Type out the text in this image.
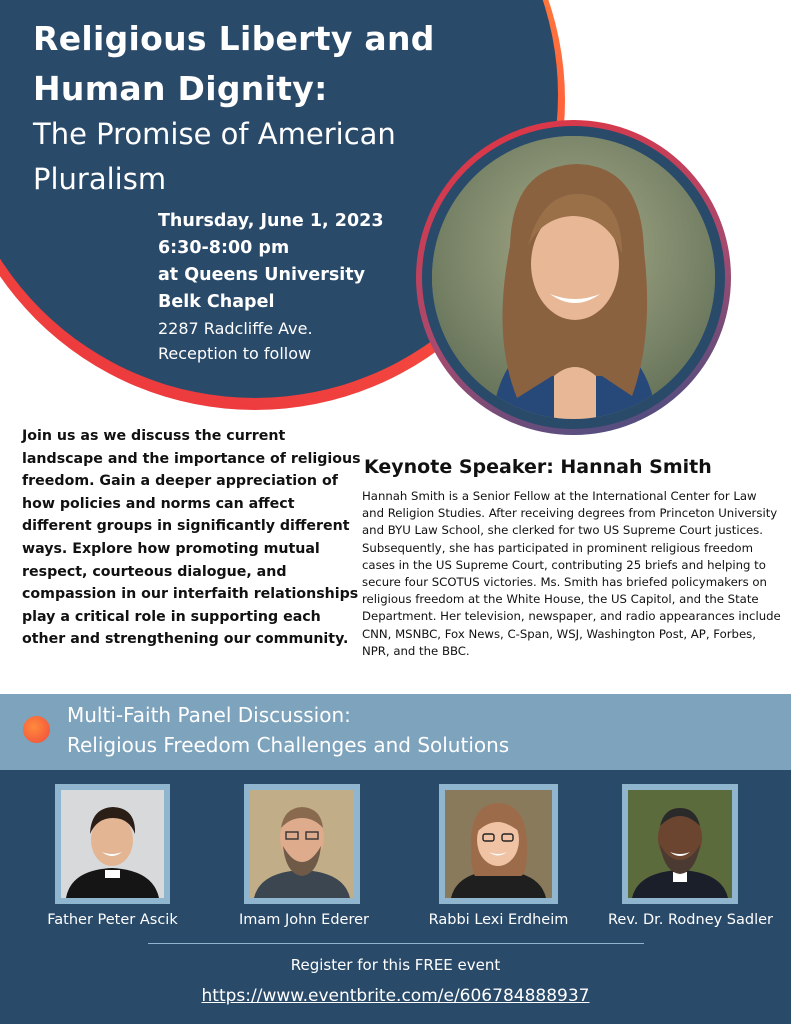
Religious Liberty and
Human Dignity:
The Promise of American
Pluralism
Thursday, June 1, 2023
6:30-8:00 pm
at Queens University
Belk Chapel
2287 Radcliffe Ave.
Reception to follow

Join us as we discuss the current landscape and the importance of religious freedom. Gain a deeper appreciation of how policies and norms can affect different groups in significantly different ways. Explore how promoting mutual respect, courteous dialogue, and compassion in our interfaith relationships play a critical role in supporting each other and strengthening our community.

Keynote Speaker: Hannah Smith

Hannah Smith is a Senior Fellow at the International Center for Law and Religion Studies. After receiving degrees from Princeton University and BYU Law School, she clerked for two US Supreme Court justices. Subsequently, she has participated in prominent religious freedom cases in the US Supreme Court, contributing 25 briefs and helping to secure four SCOTUS victories. Ms. Smith has briefed policymakers on religious freedom at the White House, the US Capitol, and the State Department. Her television, newspaper, and radio appearances include CNN, MSNBC, Fox News, C-Span, WSJ, Washington Post, AP, Forbes, NPR, and the BBC.

Multi-Faith Panel Discussion:
Religious Freedom Challenges and Solutions
Father Peter Ascik	Imam John Ederer	Rabbi Lexi Erdheim	Rev. Dr. Rodney Sadler
Register for this FREE event
https://www.eventbrite.com/e/606784888937
